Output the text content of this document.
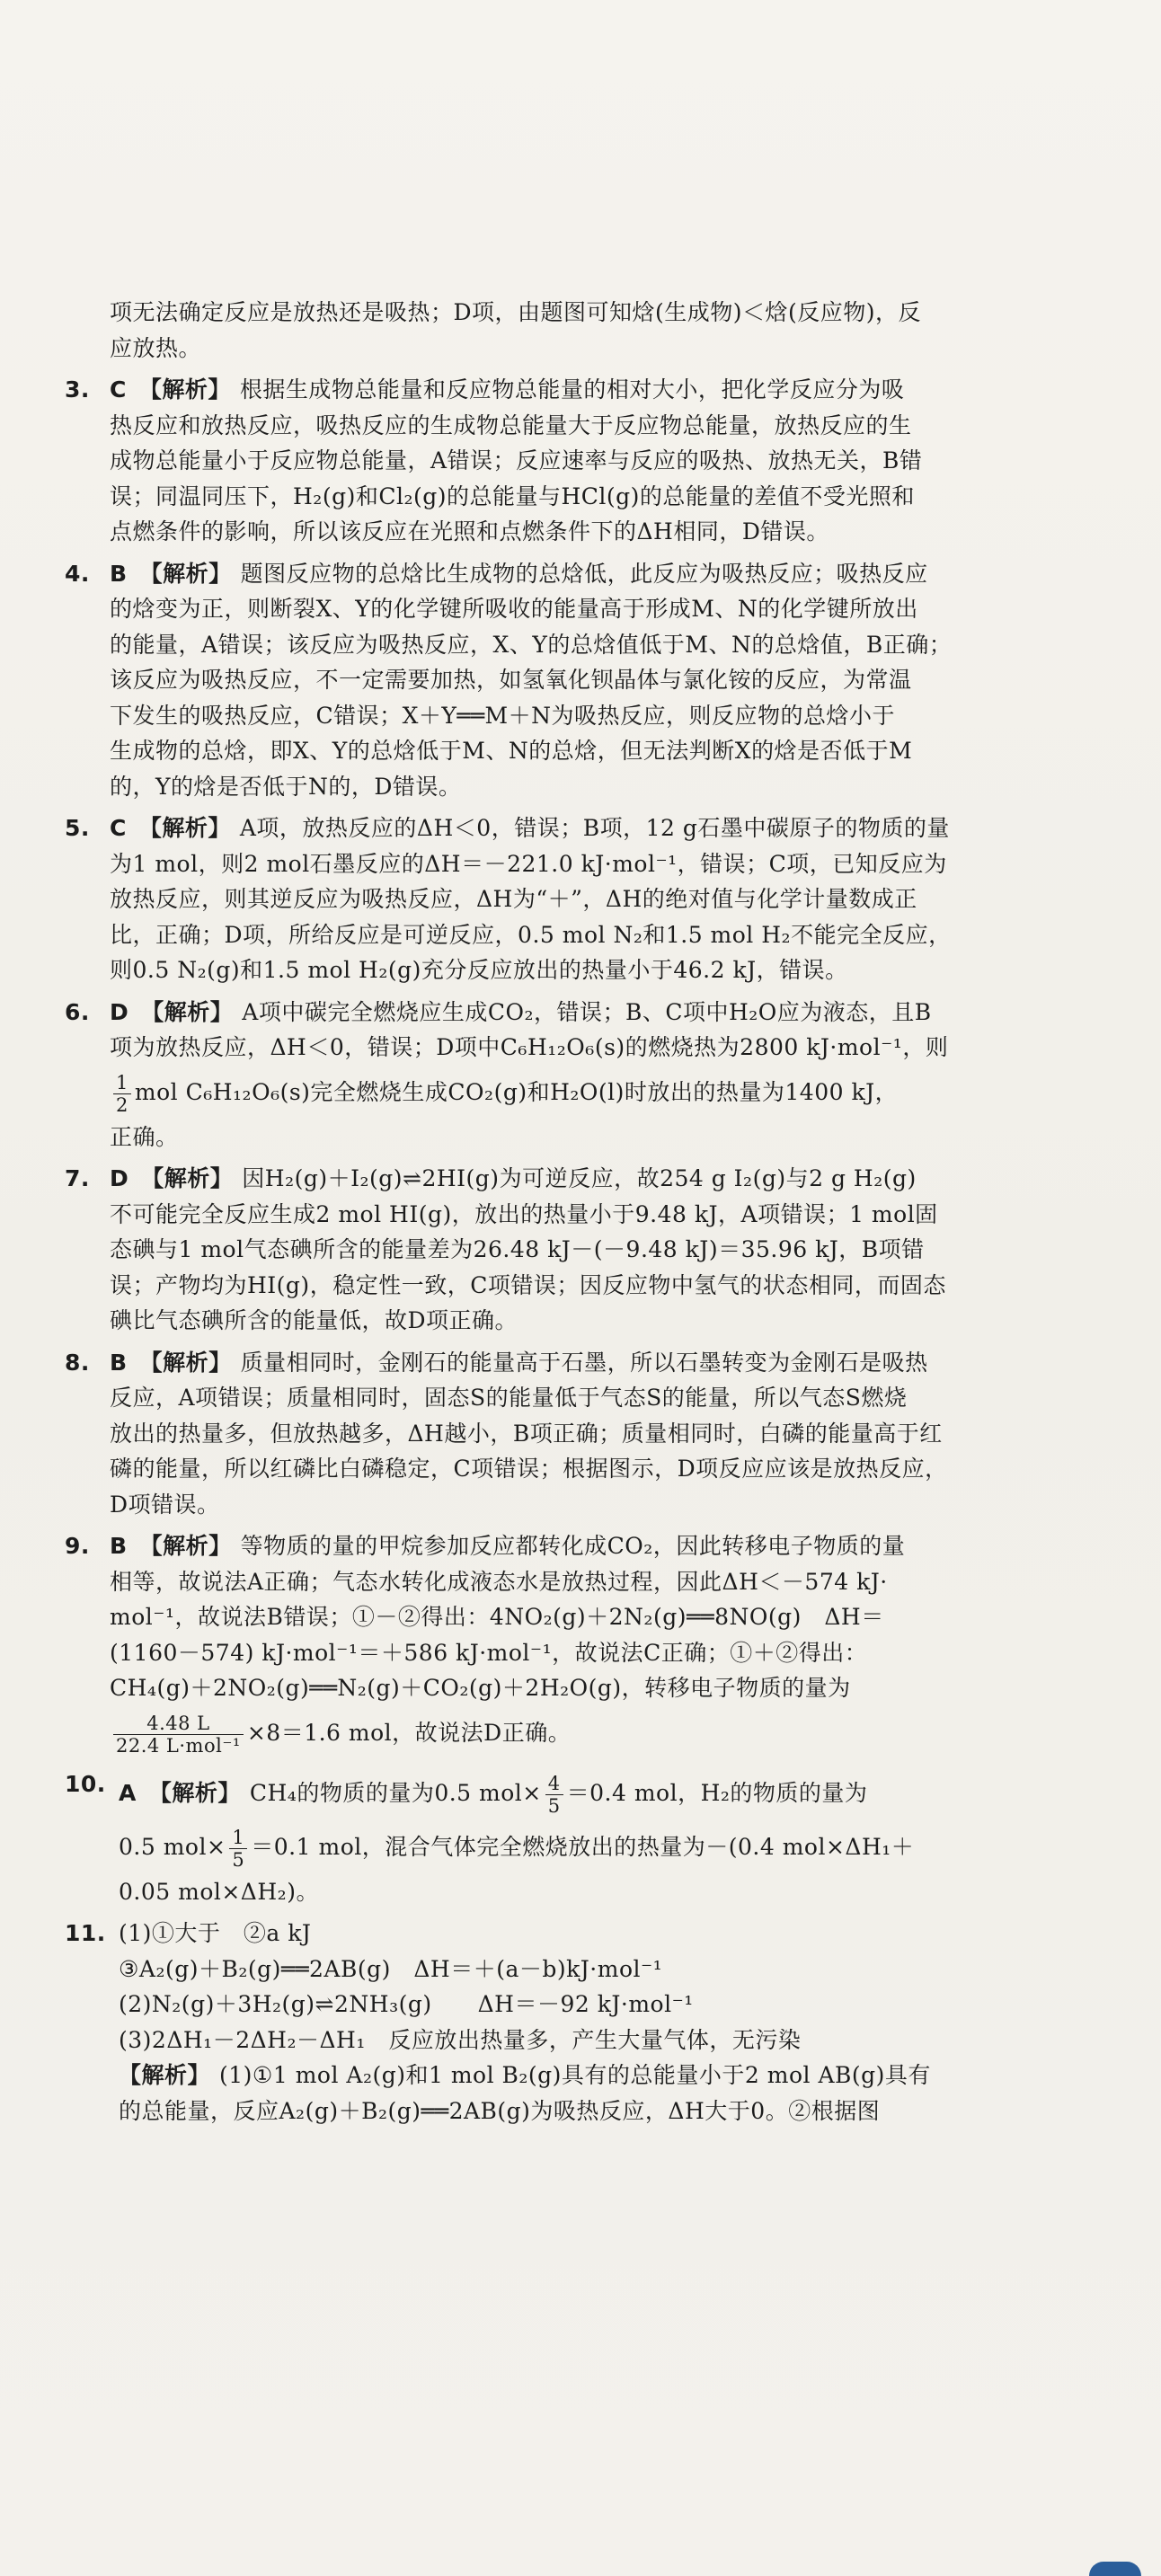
项无法确定反应是放热还是吸热；D项，由题图可知焓(生成物)＜焓(反应物)，反
应放热。
3. C 【解析】 根据生成物总能量和反应物总能量的相对大小，把化学反应分为吸
热反应和放热反应，吸热反应的生成物总能量大于反应物总能量，放热反应的生
成物总能量小于反应物总能量，A错误；反应速率与反应的吸热、放热无关，B错
误；同温同压下，H₂(g)和Cl₂(g)的总能量与HCl(g)的总能量的差值不受光照和
点燃条件的影响，所以该反应在光照和点燃条件下的ΔH相同，D错误。
4. B 【解析】 题图反应物的总焓比生成物的总焓低，此反应为吸热反应；吸热反应
的焓变为正，则断裂X、Y的化学键所吸收的能量高于形成M、N的化学键所放出
的能量，A错误；该反应为吸热反应，X、Y的总焓值低于M、N的总焓值，B正确；
该反应为吸热反应，不一定需要加热，如氢氧化钡晶体与氯化铵的反应，为常温
下发生的吸热反应，C错误；X＋Y══M＋N为吸热反应，则反应物的总焓小于
生成物的总焓，即X、Y的总焓低于M、N的总焓，但无法判断X的焓是否低于M
的，Y的焓是否低于N的，D错误。
5. C 【解析】 A项，放热反应的ΔH＜0，错误；B项，12 g石墨中碳原子的物质的量
为1 mol，则2 mol石墨反应的ΔH＝－221.0 kJ·mol⁻¹，错误；C项，已知反应为
放热反应，则其逆反应为吸热反应，ΔH为“＋”，ΔH的绝对值与化学计量数成正
比，正确；D项，所给反应是可逆反应，0.5 mol N₂和1.5 mol H₂不能完全反应，
则0.5 N₂(g)和1.5 mol H₂(g)充分反应放出的热量小于46.2 kJ，错误。
6. D 【解析】 A项中碳完全燃烧应生成CO₂，错误；B、C项中H₂O应为液态，且B
项为放热反应，ΔH＜0，错误；D项中C₆H₁₂O₆(s)的燃烧热为2800 kJ·mol⁻¹，则
$\frac{1}{2}$ mol C₆H₁₂O₆(s)完全燃烧生成CO₂(g)和H₂O(l)时放出的热量为1400 kJ，
正确。
7. D 【解析】 因H₂(g)＋I₂(g)⇌2HI(g)为可逆反应，故254 g I₂(g)与2 g H₂(g)
不可能完全反应生成2 mol HI(g)，放出的热量小于9.48 kJ，A项错误；1 mol固
态碘与1 mol气态碘所含的能量差为26.48 kJ－(－9.48 kJ)＝35.96 kJ，B项错
误；产物均为HI(g)，稳定性一致，C项错误；因反应物中氢气的状态相同，而固态
碘比气态碘所含的能量低，故D项正确。
8. B 【解析】 质量相同时，金刚石的能量高于石墨，所以石墨转变为金刚石是吸热
反应，A项错误；质量相同时，固态S的能量低于气态S的能量，所以气态S燃烧
放出的热量多，但放热越多，ΔH越小，B项正确；质量相同时，白磷的能量高于红
磷的能量，所以红磷比白磷稳定，C项错误；根据图示，D项反应应该是放热反应，
D项错误。
9. B 【解析】 等物质的量的甲烷参加反应都转化成CO₂，因此转移电子物质的量
相等，故说法A正确；气态水转化成液态水是放热过程，因此ΔH＜－574 kJ·
mol⁻¹，故说法B错误；①－②得出：4NO₂(g)＋2N₂(g)══8NO(g)　ΔH＝
(1160－574) kJ·mol⁻¹＝＋586 kJ·mol⁻¹，故说法C正确；①＋②得出：
CH₄(g)＋2NO₂(g)══N₂(g)＋CO₂(g)＋2H₂O(g)，转移电子物质的量为
$\frac{4.48 L}{\text{22.4 L·mol⁻¹}} \times 8=1.6$ mol，故说法D正确。
10. A 【解析】 CH₄的物质的量为0.5 $mol\times \frac{4}{5} =0.4$ mol，H₂的物质的量为
0.5 $mol\times \frac{1}{5} =0.1$ mol，混合气体完全燃烧放出的热量为－(0.4 mol×ΔH₁＋
0.05 mol×ΔH₂)。
11. (1)①大于　②a kJ
③A₂(g)＋B₂(g)══2AB(g)　ΔH＝＋(a－b)kJ·mol⁻¹
(2)N₂(g)＋3H₂(g)⇌2NH₃(g)　　ΔH＝－92 kJ·mol⁻¹
(3)2ΔH₁－2ΔH₂－ΔH₁　反应放出热量多，产生大量气体，无污染
【解析】 (1)①1 mol A₂(g)和1 mol B₂(g)具有的总能量小于2 mol AB(g)具有
的总能量，反应A₂(g)＋B₂(g)══2AB(g)为吸热反应，ΔH大于0。②根据图
